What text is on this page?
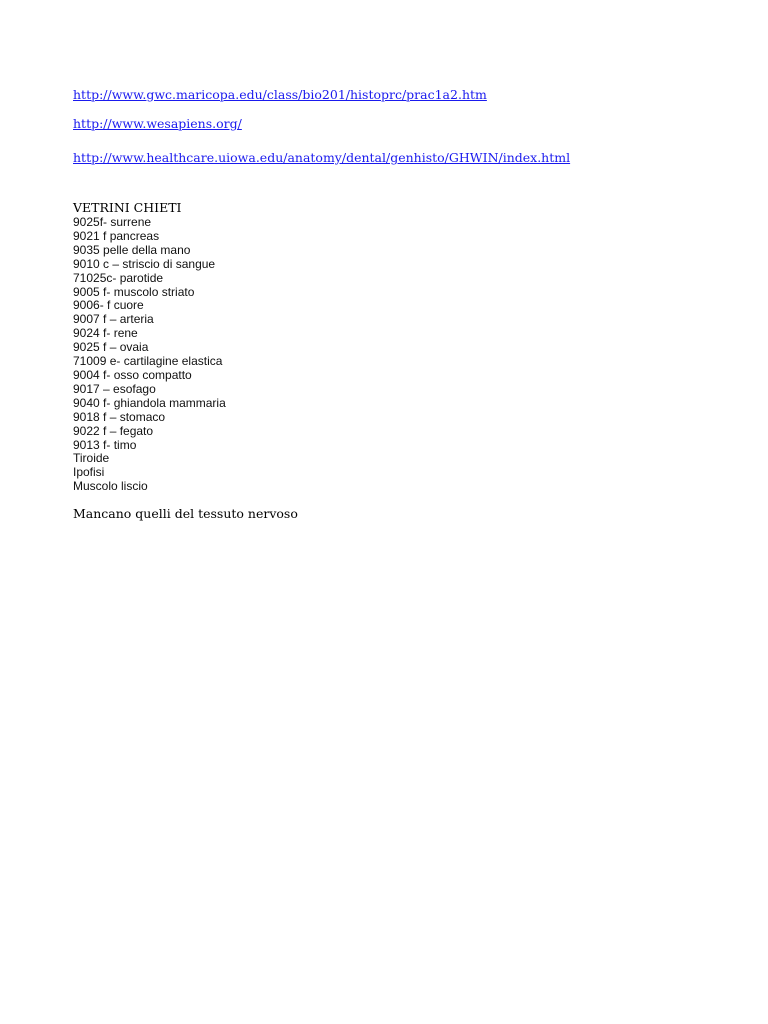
http://www.gwc.maricopa.edu/class/bio201/histoprc/prac1a2.htm
http://www.wesapiens.org/
http://www.healthcare.uiowa.edu/anatomy/dental/genhisto/GHWIN/index.html
VETRINI CHIETI
9025f- surrene
9021 f pancreas
9035 pelle della mano
9010 c – striscio di sangue
71025c- parotide
9005 f- muscolo striato
9006- f cuore
9007 f – arteria
9024 f- rene
9025 f – ovaia
71009 e- cartilagine elastica
9004 f- osso compatto
9017 – esofago
9040 f- ghiandola mammaria
9018 f – stomaco
9022 f – fegato
9013 f- timo
Tiroide
Ipofisi
Muscolo liscio
Mancano quelli del tessuto nervoso
